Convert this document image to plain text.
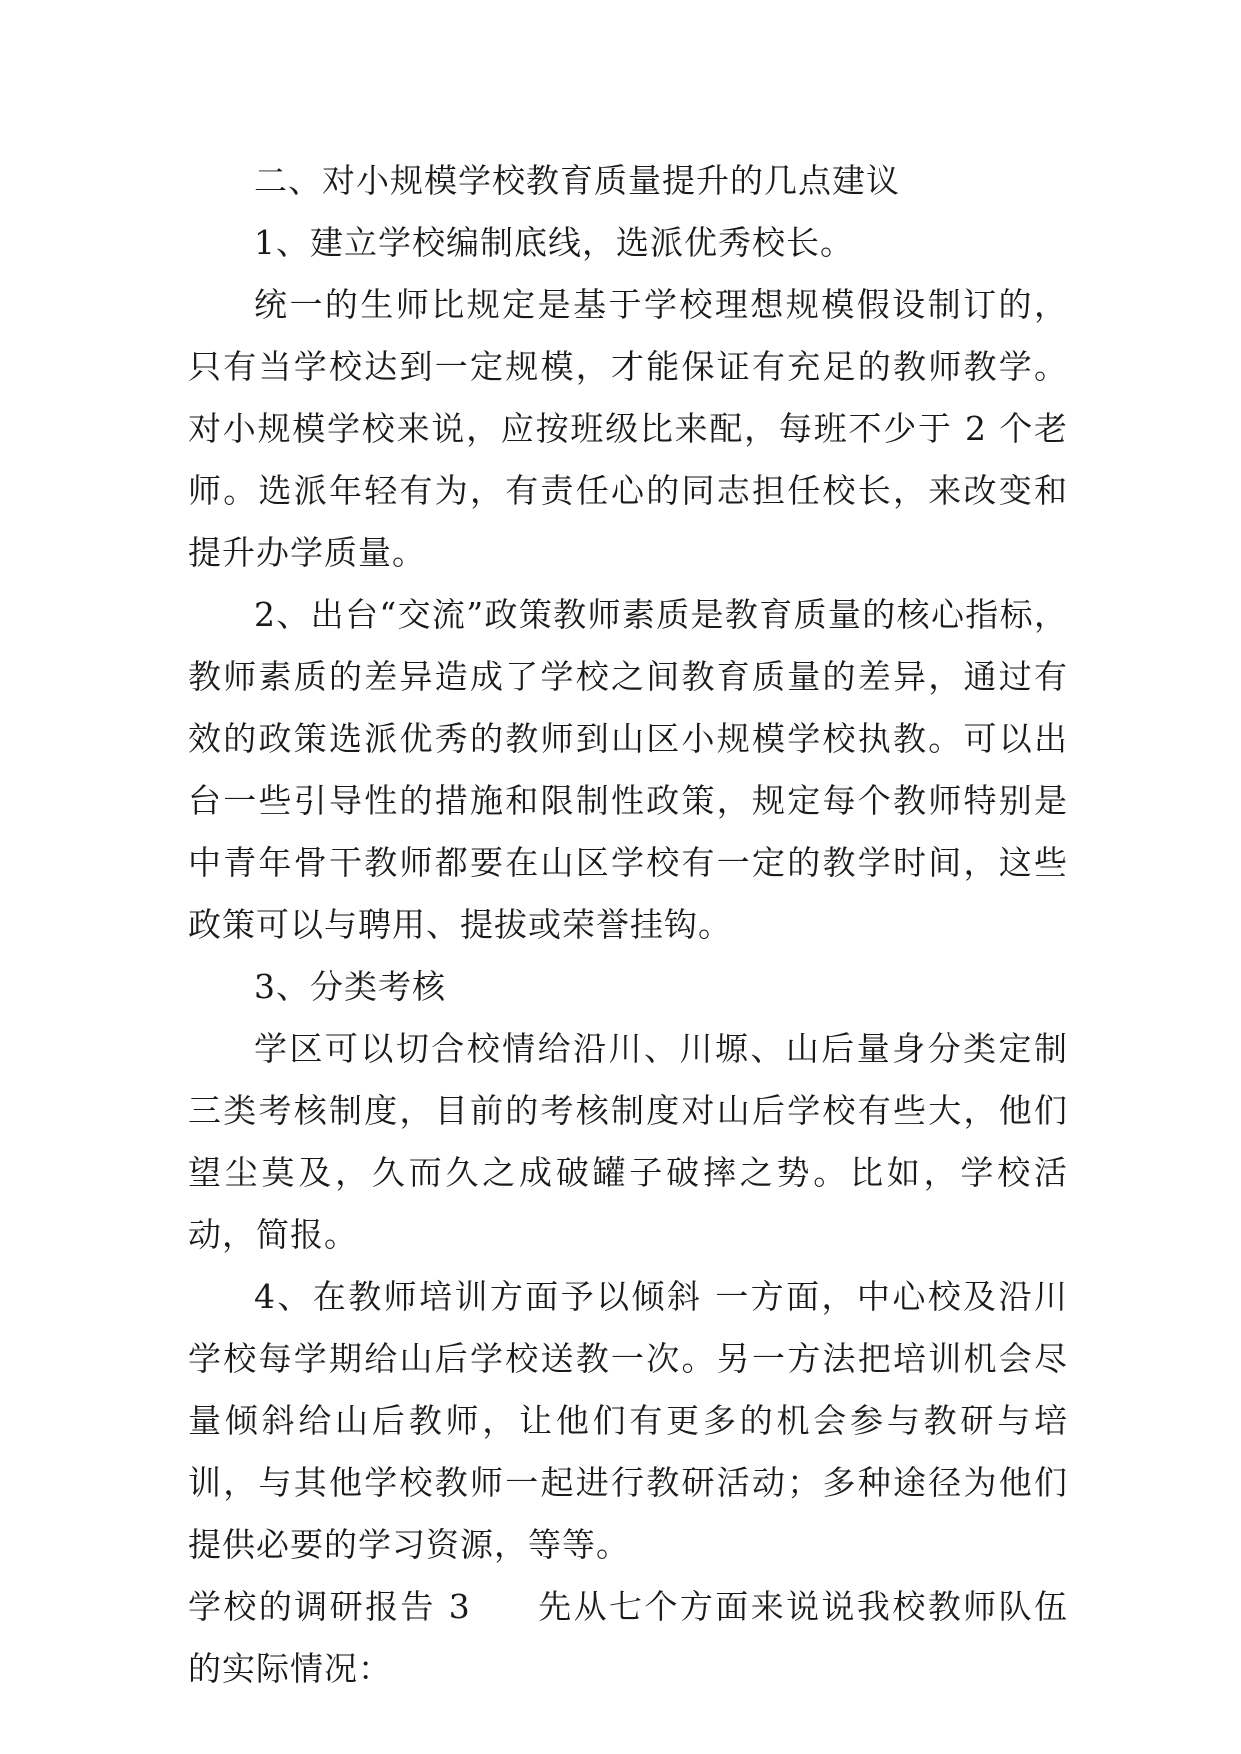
二、对小规模学校教育质量提升的几点建议

1、建立学校编制底线，选派优秀校长。

统一的生师比规定是基于学校理想规模假设制订的，只有当学校达到一定规模，才能保证有充足的教师教学。对小规模学校来说，应按班级比来配，每班不少于 2 个老师。选派年轻有为，有责任心的同志担任校长，来改变和提升办学质量。

2、出台“交流”政策教师素质是教育质量的核心指标，教师素质的差异造成了学校之间教育质量的差异，通过有效的政策选派优秀的教师到山区小规模学校执教。可以出台一些引导性的措施和限制性政策，规定每个教师特别是中青年骨干教师都要在山区学校有一定的教学时间，这些政策可以与聘用、提拔或荣誉挂钩。

3、分类考核

学区可以切合校情给沿川、川塬、山后量身分类定制三类考核制度，目前的考核制度对山后学校有些大，他们望尘莫及，久而久之成破罐子破摔之势。比如，学校活动，简报。

4、在教师培训方面予以倾斜 一方面，中心校及沿川学校每学期给山后学校送教一次。另一方法把培训机会尽量倾斜给山后教师，让他们有更多的机会参与教研与培训，与其他学校教师一起进行教研活动；多种途径为他们提供必要的学习资源，等等。

学校的调研报告 3 先从七个方面来说说我校教师队伍的实际情况：
